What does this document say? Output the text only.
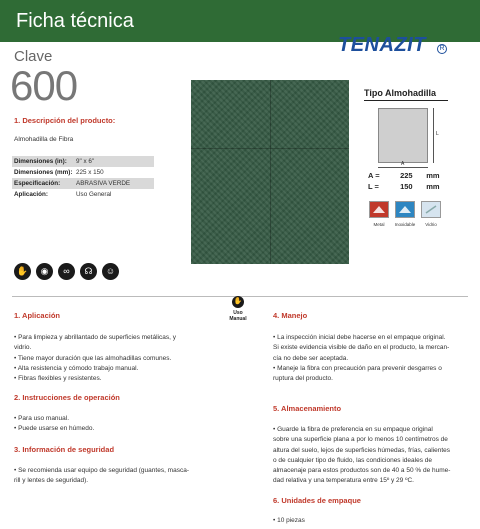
Ficha técnica
TENAZIT	R
Clave
600
1. Descripción del producto:
Almohadilla de Fibra
Dimensiones (in):	9" x 6"
Dimensiones (mm):	225 x 150
Especificación:	ABRASIVA VERDE
Aplicación:	Uso General
Tipo Almohadilla
L
A
A =	225 mm
L =	150 mm
Metal	Inoxidable	Vidrio
✋	◉	∞	☊	☺
✋
Uso
Manual
1. Aplicación

• Para limpieza y abrillantado de superficies metálicas, y

vidrio.

• Tiene mayor duración que las almohadillas comunes.

• Alta resistencia y cómodo trabajo manual.

• Fibras flexibles y resistentes.

2. Instrucciones de operación

• Para uso manual.

• Puede usarse en húmedo.

3. Información de seguridad

• Se recomienda usar equipo de seguridad (guantes, masca-

rill y lentes de seguridad).

4. Manejo

• La inspección inicial debe hacerse en el empaque original.

Si existe evidencia visible de daño en el producto, la mercan-

cía no debe ser aceptada.

• Maneje la fibra con precaución para prevenir desgarres o

ruptura del producto.

5. Almacenamiento

• Guarde la fibra de preferencia en su empaque original

sobre una superficie plana a por lo menos 10 centímetros de

altura del suelo, lejos de superficies húmedas, frías, calientes

o de cualquier tipo de fluido, las condiciones ideales de

almacenaje para estos productos son de 40 a 50 % de hume-

dad relativa y una temperatura entre 15º y 29 ºC.

6. Unidades de empaque

• 10 piezas
